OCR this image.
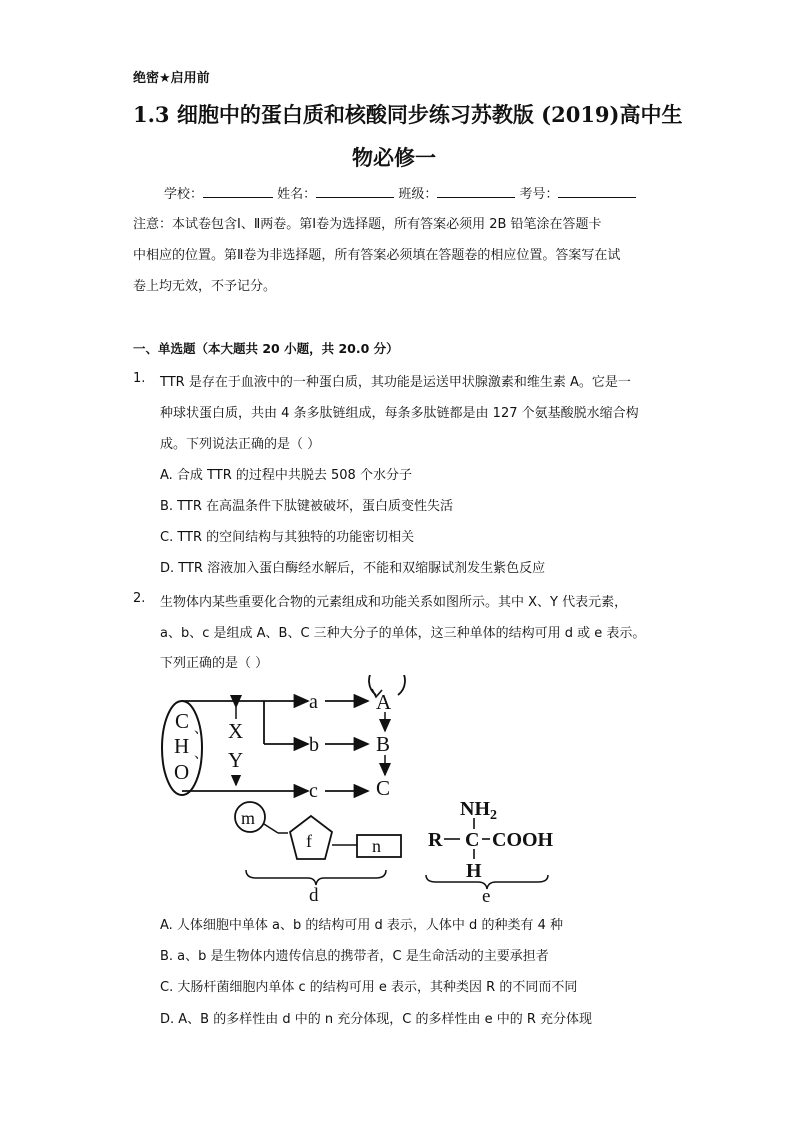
绝密★启用前
1.3 细胞中的蛋白质和核酸同步练习苏教版 (2019)高中生
物必修一
学校：	姓名：	班级：	考号：
注意：本试卷包含Ⅰ、Ⅱ两卷。第Ⅰ卷为选择题，所有答案必须用 2B 铅笔涂在答题卡
中相应的位置。第Ⅱ卷为非选择题，所有答案必须填在答题卷的相应位置。答案写在试
卷上均无效，不予记分。
一、单选题（本大题共 20 小题，共 20.0 分）
1. TTR 是存在于血液中的一种蛋白质，其功能是运送甲状腺激素和维生素 A。它是一
种球状蛋白质，共由 4 条多肽链组成，每条多肽链都是由 127 个氨基酸脱水缩合构
成。下列说法正确的是（ ）
A. 合成 TTR 的过程中共脱去 508 个水分子
B. TTR 在高温条件下肽键被破坏，蛋白质变性失活
C. TTR 的空间结构与其独特的功能密切相关
D. TTR 溶液加入蛋白酶经水解后，不能和双缩脲试剂发生紫色反应
2. 生物体内某些重要化合物的元素组成和功能关系如图所示。其中 X、Y 代表元素，
a、b、c 是组成 A、B、C 三种大分子的单体，这三种单体的结构可用 d 或 e 表示。
下列正确的是（ ）
C
H
O
、
、
X
Y
a
b
c
A
B
C
m
f	n
d
$NH_2$
R C COOH
H
e
A. 人体细胞中单体 a、b 的结构可用 d 表示，人体中 d 的种类有 4 种
B. a、b 是生物体内遗传信息的携带者，C 是生命活动的主要承担者
C. 大肠杆菌细胞内单体 c 的结构可用 e 表示，其种类因 R 的不同而不同
D. A、B 的多样性由 d 中的 n 充分体现，C 的多样性由 e 中的 R 充分体现
